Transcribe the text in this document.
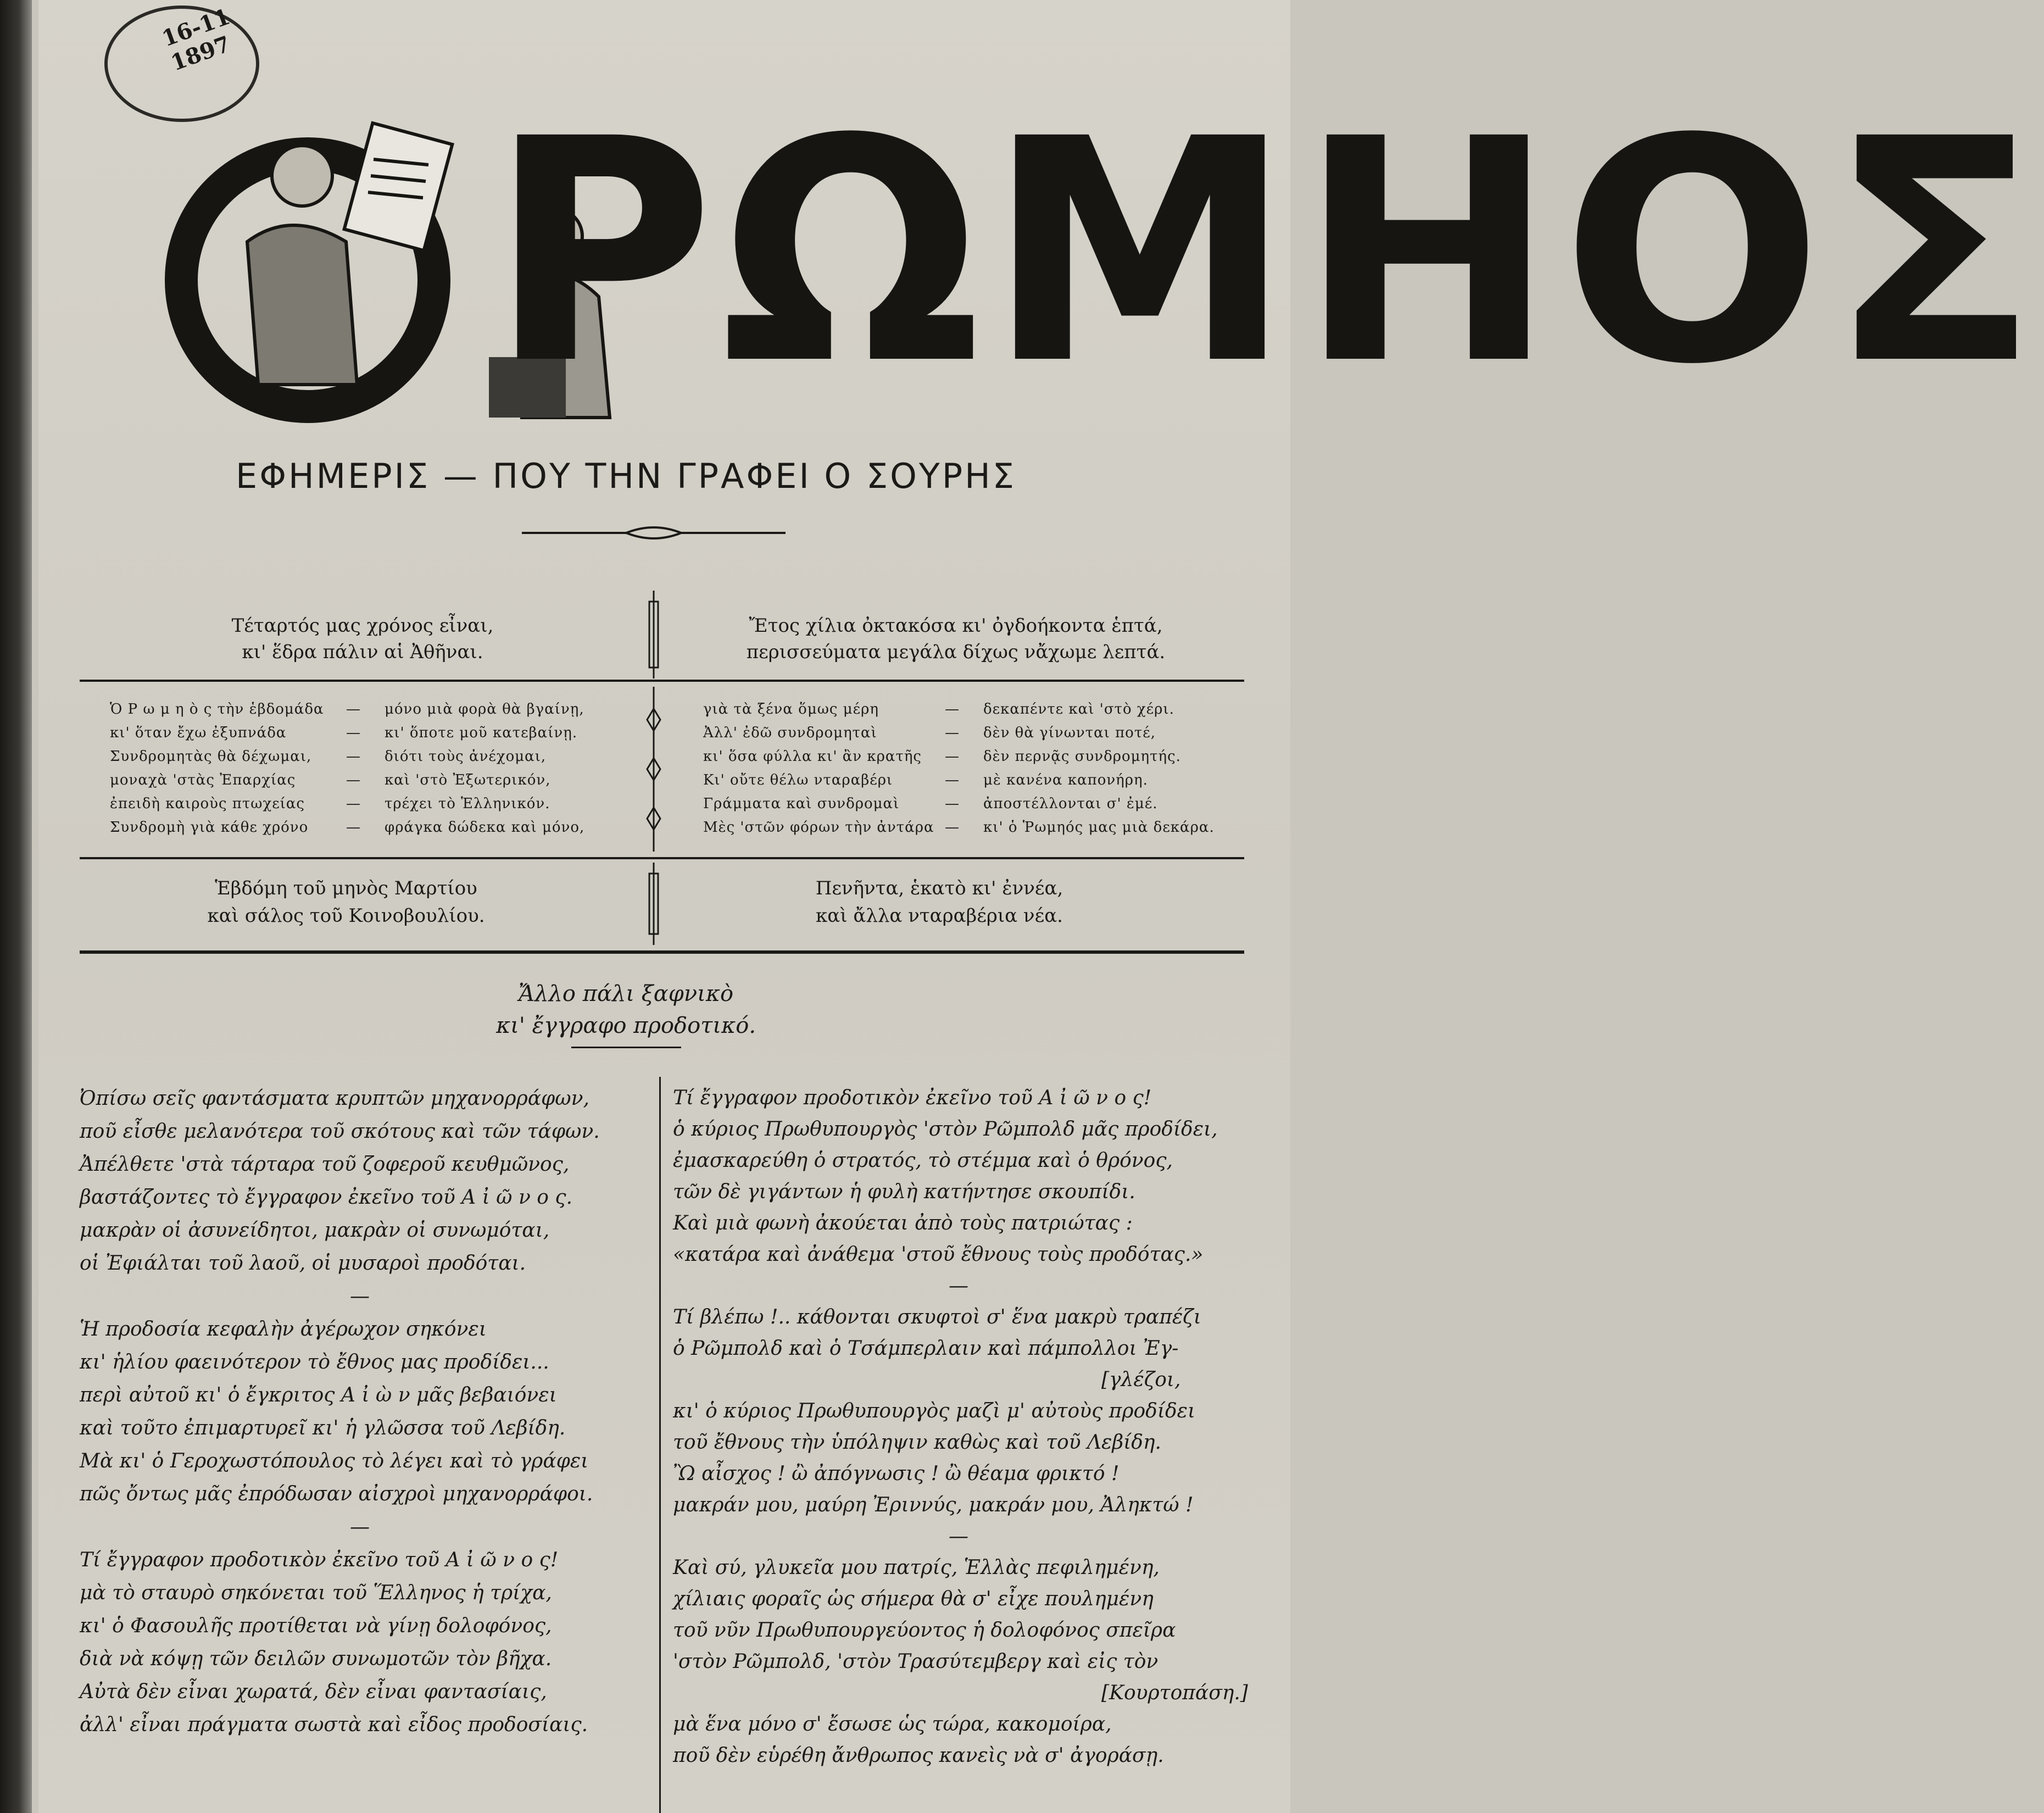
16-11 1897
ΡΩΜΗΟΣ
ΕΦΗΜΕΡΙΣ — ΠΟΥ ΤΗΝ ΓΡΑΦΕΙ Ο ΣΟΥΡΗΣ
Τέταρτός μας χρόνος εἶναι,
κι' ἕδρα πάλιν αἱ Ἀθῆναι.
Ἔτος χίλια ὀκτακόσα κι' ὀγδοήκοντα ἑπτά,
περισσεύματα μεγάλα δίχως νἄχωμε λεπτά.
Ὁ Ρ ω μ η ὸ ς τὴν ἑβδομάδα	—	μόνο μιὰ φορὰ θὰ βγαίνῃ,
κι' ὅταν ἔχω ἐξυπνάδα	—	κι' ὅποτε μοῦ κατεβαίνῃ.
Συνδρομητὰς θὰ δέχωμαι,	—	διότι τοὺς ἀνέχομαι,
μοναχὰ 'στὰς Ἐπαρχίας	—	καὶ 'στὸ Ἐξωτερικόν,
ἐπειδὴ καιροὺς πτωχείας	—	τρέχει τὸ Ἑλληνικόν.
Συνδρομὴ γιὰ κάθε χρόνο	—	φράγκα δώδεκα καὶ μόνο,
γιὰ τὰ ξένα ὅμως μέρη	—	δεκαπέντε καὶ 'στὸ χέρι.
Ἀλλ' ἐδῶ συνδρομηταὶ	—	δὲν θὰ γίνωνται ποτέ,
κι' ὅσα φύλλα κι' ἂν κρατῆς	—	δὲν περνᾷς συνδρομητής.
Κι' οὔτε θέλω νταραβέρι	—	μὲ κανένα καπονήρη.
Γράμματα καὶ συνδρομαὶ	—	ἀποστέλλονται σ' ἐμέ.
Μὲς 'στῶν φόρων τὴν ἀντάρα —	κι' ὁ Ῥωμηός μας μιὰ δεκάρα.
Ἑβδόμη τοῦ μηνὸς Μαρτίου
καὶ σάλος τοῦ Κοινοβουλίου.
Πενῆντα, ἑκατὸ κι' ἐννέα,
καὶ ἄλλα νταραβέρια νέα.
Ἄλλο πάλι ξαφνικὸ
κι' ἔγγραφο προδοτικό.

Ὀπίσω σεῖς φαντάσματα κρυπτῶν μηχανορράφων,

ποῦ εἶσθε μελανότερα τοῦ σκότους καὶ τῶν τάφων.

Ἀπέλθετε 'στὰ τάρταρα τοῦ ζοφεροῦ κευθμῶνος,

βαστάζοντες τὸ ἔγγραφον ἐκεῖνο τοῦ Α ἰ ῶ ν ο ς.

μακρὰν οἱ ἀσυνείδητοι, μακρὰν οἱ συνωμόται,

οἱ Ἐφιάλται τοῦ λαοῦ, οἱ μυσαροὶ προδόται.

—

Ἡ προδοσία κεφαλὴν ἀγέρωχον σηκόνει

κι' ἡλίου φαεινότερον τὸ ἔθνος μας προδίδει...

περὶ αὐτοῦ κι' ὁ ἔγκριτος Α ἰ ὼ ν μᾶς βεβαιόνει

καὶ τοῦτο ἐπιμαρτυρεῖ κι' ἡ γλῶσσα τοῦ Λεβίδη.

Μὰ κι' ὁ Γεροχωστόπουλος τὸ λέγει καὶ τὸ γράφει

πῶς ὄντως μᾶς ἐπρόδωσαν αἰσχροὶ μηχανορράφοι.

—

Τί ἔγγραφον προδοτικὸν ἐκεῖνο τοῦ Α ἰ ῶ ν ο ς!

μὰ τὸ σταυρὸ σηκόνεται τοῦ Ἕλληνος ἡ τρίχα,

κι' ὁ Φασουλῆς προτίθεται νὰ γίνῃ δολοφόνος,

διὰ νὰ κόψῃ τῶν δειλῶν συνωμοτῶν τὸν βῆχα.

Αὐτὰ δὲν εἶναι χωρατά, δὲν εἶναι φαντασίαις,

ἀλλ' εἶναι πράγματα σωστὰ καὶ εἶδος προδοσίαις.

Τί ἔγγραφον προδοτικὸν ἐκεῖνο τοῦ Α ἰ ῶ ν ο ς!

ὁ κύριος Πρωθυπουργὸς 'στὸν Ρῶμπολδ μᾶς προδίδει,

ἐμασκαρεύθη ὁ στρατός, τὸ στέμμα καὶ ὁ θρόνος,

τῶν δὲ γιγάντων ἡ φυλὴ κατήντησε σκουπίδι.

Καὶ μιὰ φωνὴ ἀκούεται ἀπὸ τοὺς πατριώτας :

«κατάρα καὶ ἀνάθεμα 'στοῦ ἔθνους τοὺς προδότας.»

—

Τί βλέπω !.. κάθονται σκυφτοὶ σ' ἕνα μακρὺ τραπέζι

ὁ Ρῶμπολδ καὶ ὁ Τσάμπερλαιν καὶ πάμπολλοι Ἐγ-

[γλέζοι,

κι' ὁ κύριος Πρωθυπουργὸς μαζὶ μ' αὐτοὺς προδίδει

τοῦ ἔθνους τὴν ὑπόληψιν καθὼς καὶ τοῦ Λεβίδη.

Ὢ αἶσχος ! ὢ ἀπόγνωσις ! ὢ θέαμα φρικτό !

μακράν μου, μαύρη Ἐριννύς, μακράν μου, Ἀληκτώ !

—

Καὶ σύ, γλυκεῖα μου πατρίς, Ἑλλὰς πεφιλημένη,

χίλιαις φοραῖς ὡς σήμερα θὰ σ' εἶχε πουλημένη

τοῦ νῦν Πρωθυπουργεύοντος ἡ δολοφόνος σπεῖρα

'στὸν Ρῶμπολδ, 'στὸν Τρασύτεμβεργ καὶ εἰς τὸν

[Κουρτοπάση.]

μὰ ἕνα μόνο σ' ἔσωσε ὡς τώρα, κακομοίρα,

ποῦ δὲν εὑρέθη ἄνθρωπος κανεὶς νὰ σ' ἀγοράσῃ.
